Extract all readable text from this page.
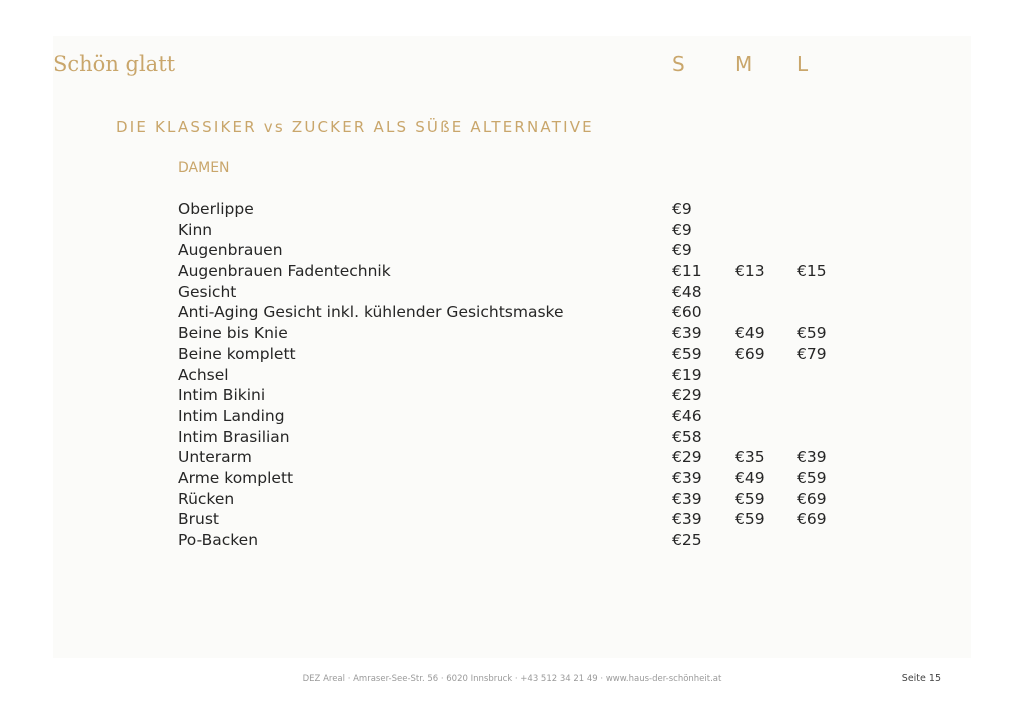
Schön glatt	S	M L
DIE KLASSIKER vs ZUCKER ALS SÜßE ALTERNATIVE
DAMEN
Oberlippe	€9
Kinn	€9
Augenbrauen	€9
Augenbrauen Fadentechnik	€11 €13 €15
Gesicht	€48
Anti-Aging Gesicht inkl. kühlender Gesichtsmaske	€60
Beine bis Knie	€39 €49 €59
Beine komplett	€59 €69 €79
Achsel	€19
Intim Bikini	€29
Intim Landing	€46
Intim Brasilian	€58
Unterarm	€29 €35 €39
Arme komplett	€39 €49 €59
Rücken	€39 €59 €69
Brust	€39 €59 €69
Po-Backen	€25
DEZ Areal · Amraser-See-Str. 56 · 6020 Innsbruck · +43 512 34 21 49 · www.haus-der-schönheit.at	Seite 15
